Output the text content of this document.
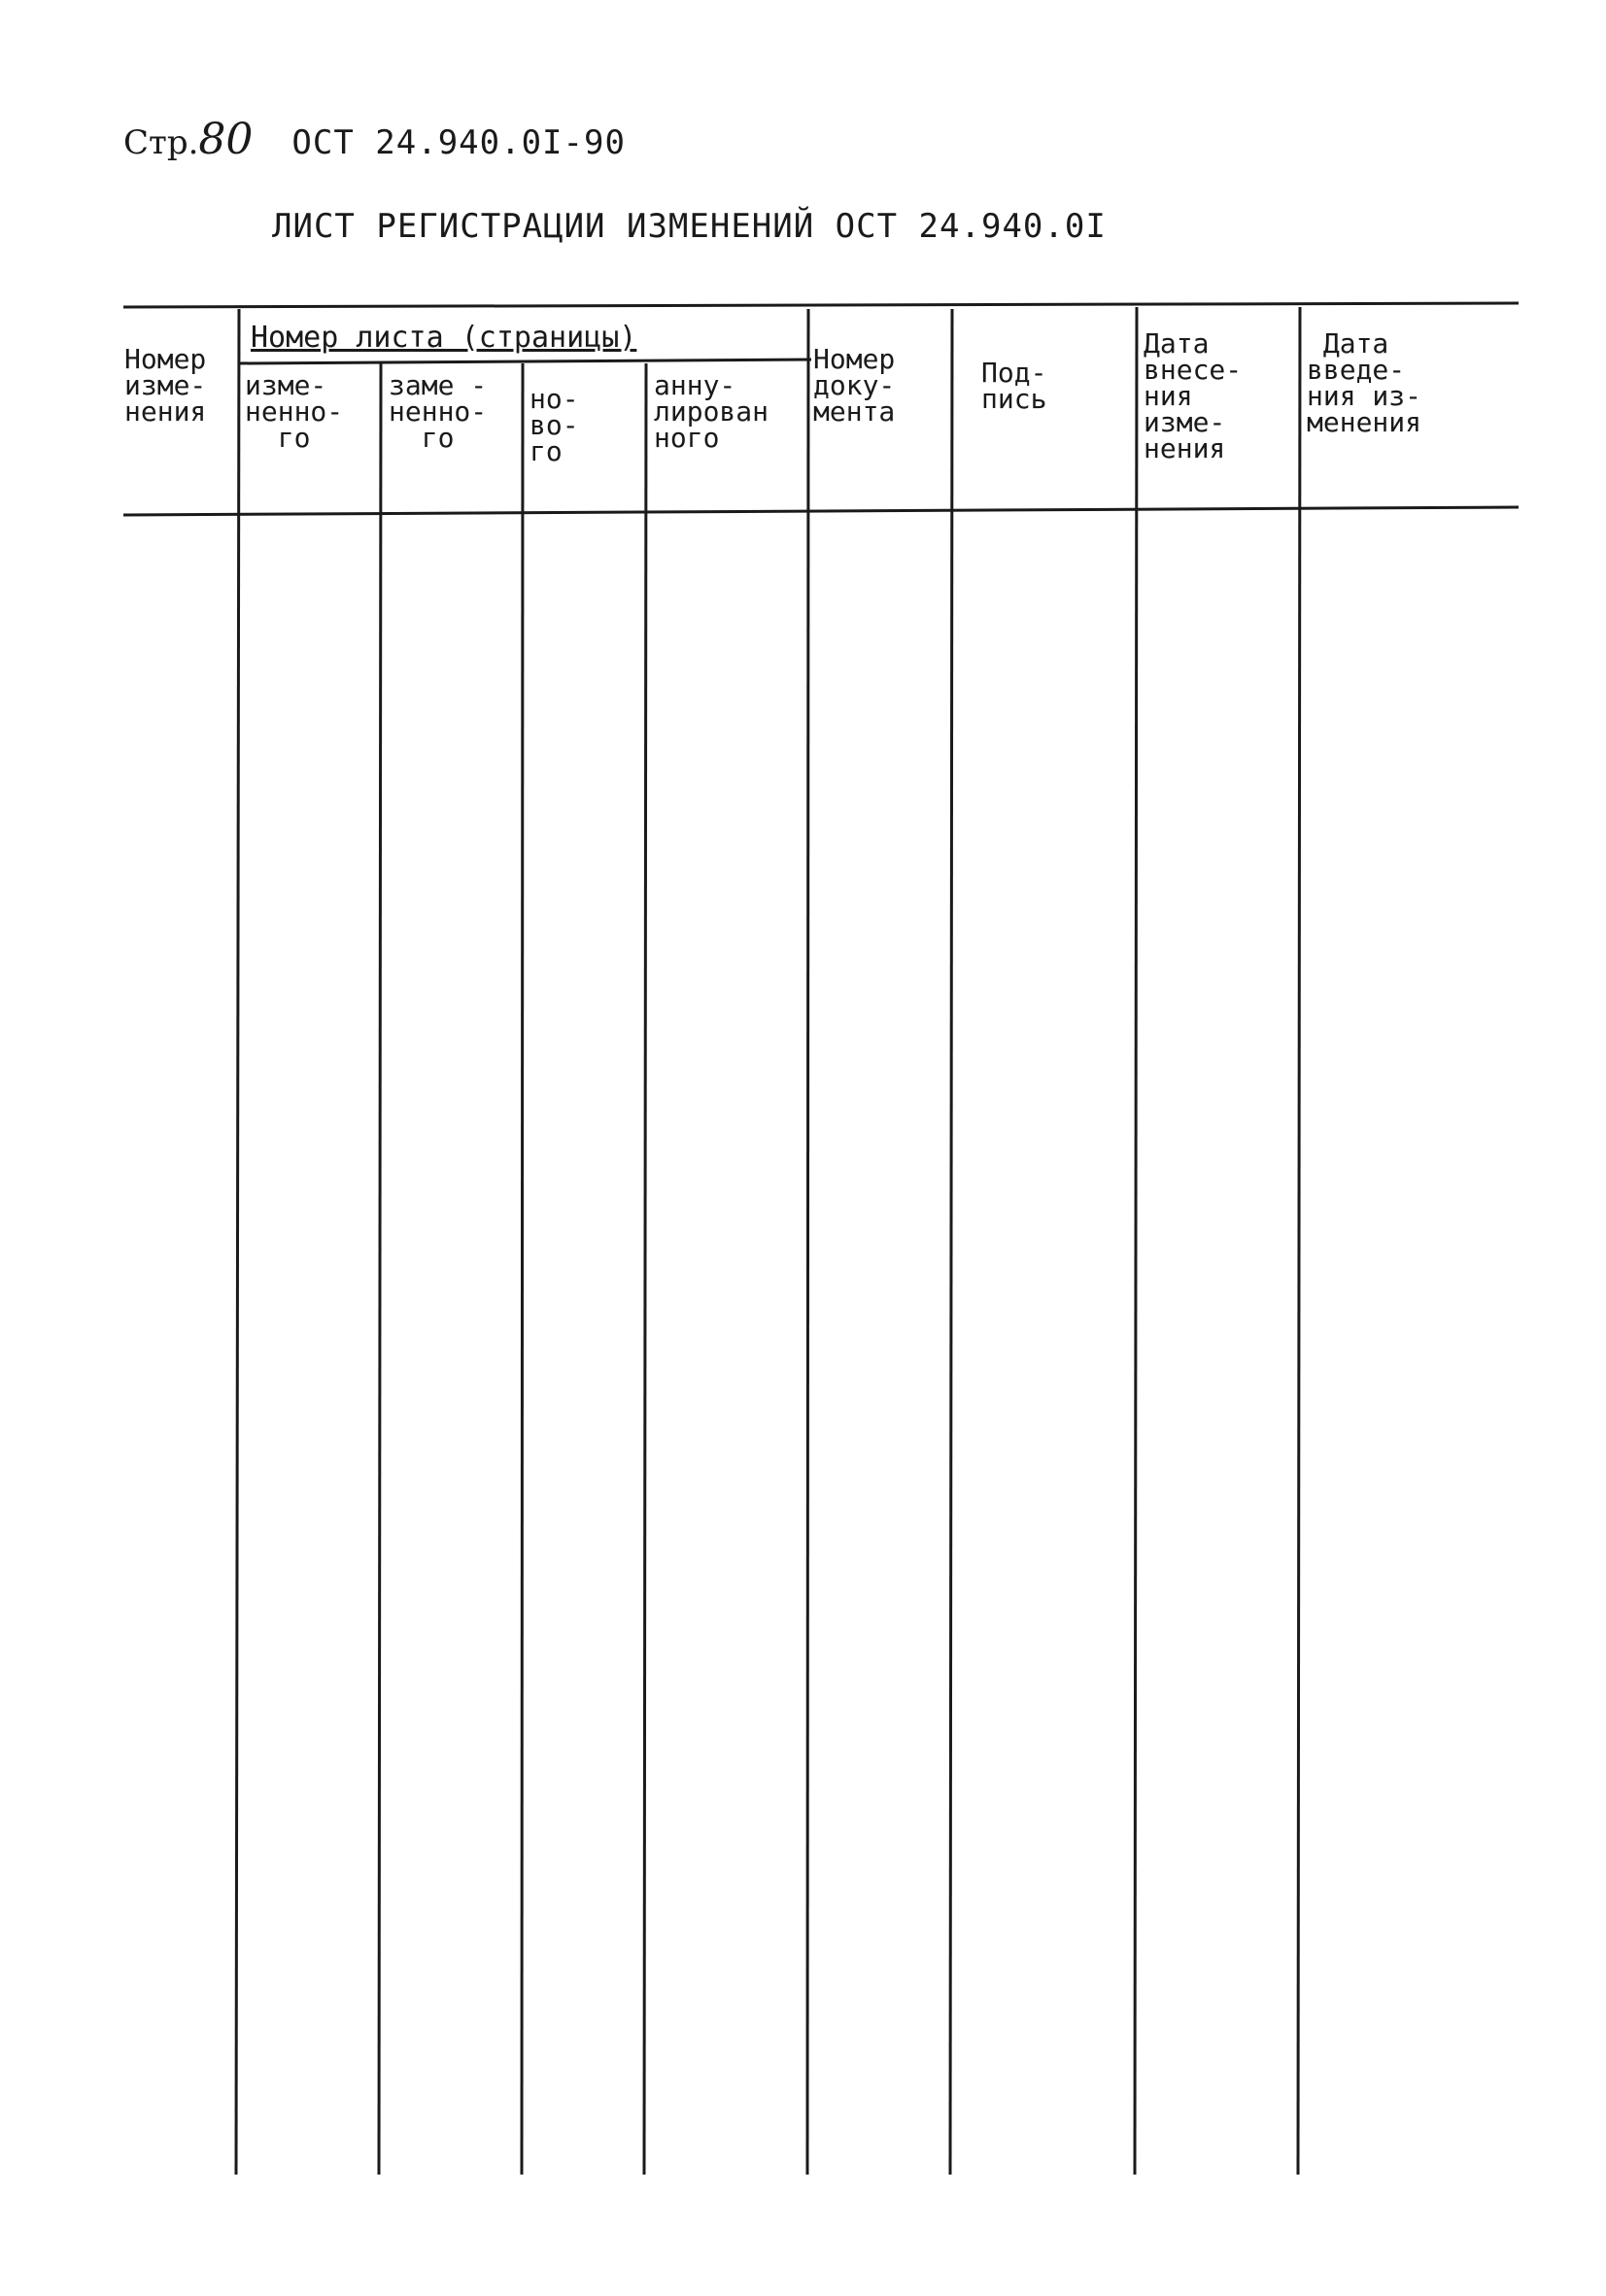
Стр.80 ОСТ 24.940.0I-90
ЛИСТ РЕГИСТРАЦИИ ИЗМЕНЕНИЙ ОСТ 24.940.0I
Номер листа (страницы)
Номер
изме-
нения
изме-
ненно-
го
заме -
ненно-
го
но-
во-
го
анну-
лирован
ного
Номер
доку-
мента
Под-
пись
Дата
внесе-
ния
изме-
нения
Дата
введе-
ния из-
менения
